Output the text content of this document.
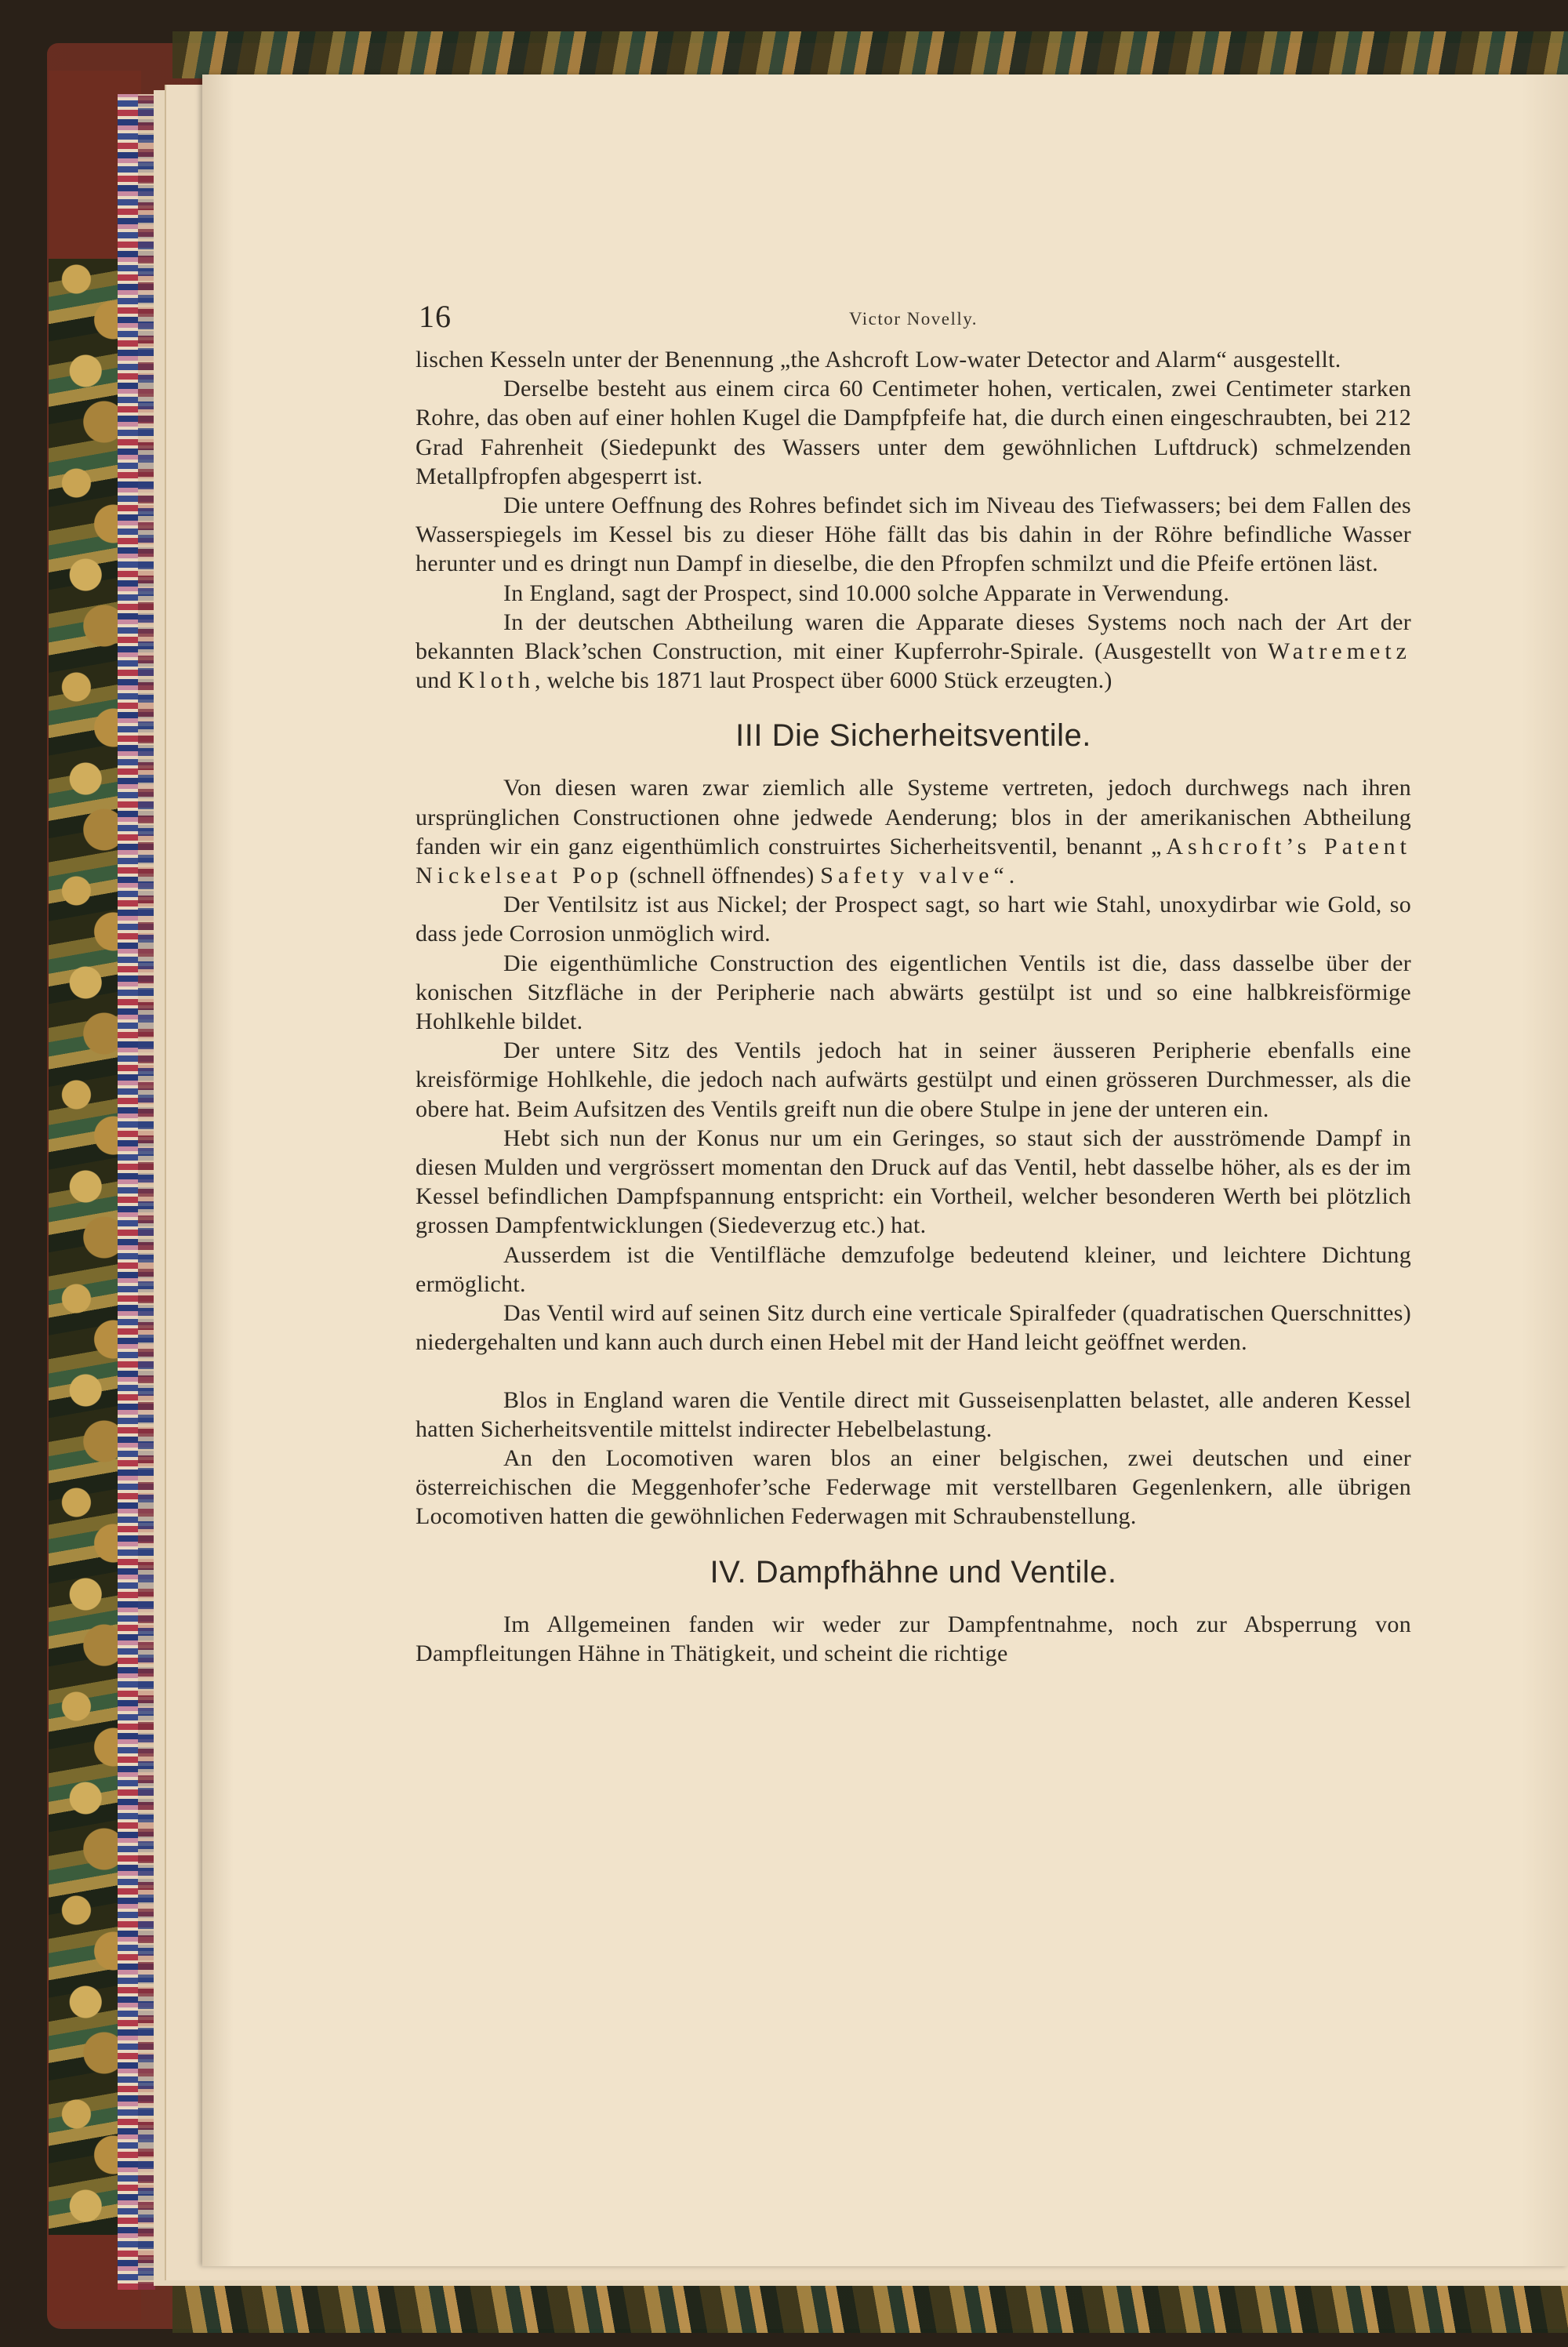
16	Victor Novelly.

lischen Kesseln unter der Benennung „the Ashcroft Low-water Detector and Alarm“ ausgestellt.

Derselbe besteht aus einem circa 60 Centimeter hohen, verticalen, zwei Centimeter starken Rohre, das oben auf einer hohlen Kugel die Dampfpfeife hat, die durch einen eingeschraubten, bei 212 Grad Fahrenheit (Siedepunkt des Wassers unter dem gewöhnlichen Luftdruck) schmelzenden Metallpfropfen abgesperrt ist.

Die untere Oeffnung des Rohres befindet sich im Niveau des Tiefwassers; bei dem Fallen des Wasserspiegels im Kessel bis zu dieser Höhe fällt das bis dahin in der Röhre befindliche Wasser herunter und es dringt nun Dampf in dieselbe, die den Pfropfen schmilzt und die Pfeife ertönen läst.

In England, sagt der Prospect, sind 10.000 solche Apparate in Verwendung.

In der deutschen Abtheilung waren die Apparate dieses Systems noch nach der Art der bekannten Black’schen Construction, mit einer Kupferrohr-Spirale. (Ausgestellt von Watremetz und Kloth, welche bis 1871 laut Prospect über 6000 Stück erzeugten.)

III Die Sicherheitsventile.

Von diesen waren zwar ziemlich alle Systeme vertreten, jedoch durchwegs nach ihren ursprünglichen Constructionen ohne jedwede Aenderung; blos in der amerikanischen Abtheilung fanden wir ein ganz eigenthümlich construirtes Sicherheitsventil, benannt „Ashcroft’s Patent Nickelseat Pop (schnell öffnendes) Safety valve“.

Der Ventilsitz ist aus Nickel; der Prospect sagt, so hart wie Stahl, unoxydirbar wie Gold, so dass jede Corrosion unmöglich wird.

Die eigenthümliche Construction des eigentlichen Ventils ist die, dass dasselbe über der konischen Sitzfläche in der Peripherie nach abwärts gestülpt ist und so eine halbkreisförmige Hohlkehle bildet.

Der untere Sitz des Ventils jedoch hat in seiner äusseren Peripherie ebenfalls eine kreisförmige Hohlkehle, die jedoch nach aufwärts gestülpt und einen grösseren Durchmesser, als die obere hat. Beim Aufsitzen des Ventils greift nun die obere Stulpe in jene der unteren ein.

Hebt sich nun der Konus nur um ein Geringes, so staut sich der ausströmende Dampf in diesen Mulden und vergrössert momentan den Druck auf das Ventil, hebt dasselbe höher, als es der im Kessel befindlichen Dampfspannung entspricht: ein Vortheil, welcher besonderen Werth bei plötzlich grossen Dampfentwicklungen (Siedeverzug etc.) hat.

Ausserdem ist die Ventilfläche demzufolge bedeutend kleiner, und leichtere Dichtung ermöglicht.

Das Ventil wird auf seinen Sitz durch eine verticale Spiralfeder (quadratischen Querschnittes) niedergehalten und kann auch durch einen Hebel mit der Hand leicht geöffnet werden.

Blos in England waren die Ventile direct mit Gusseisenplatten belastet, alle anderen Kessel hatten Sicherheitsventile mittelst indirecter Hebelbelastung.

An den Locomotiven waren blos an einer belgischen, zwei deutschen und einer österreichischen die Meggenhofer’sche Federwage mit verstellbaren Gegenlenkern, alle übrigen Locomotiven hatten die gewöhnlichen Federwagen mit Schraubenstellung.

IV. Dampfhähne und Ventile.

Im Allgemeinen fanden wir weder zur Dampfentnahme, noch zur Absperrung von Dampfleitungen Hähne in Thätigkeit, und scheint die richtige
